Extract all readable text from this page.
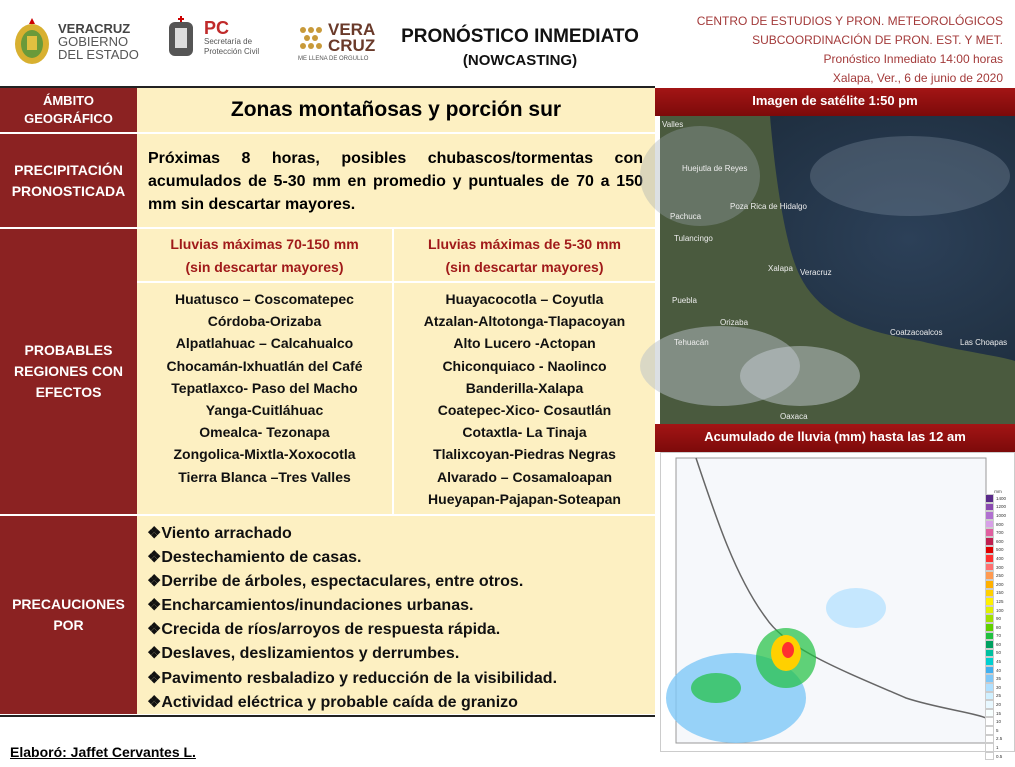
VERACRUZ
GOBIERNO
DEL ESTADO
PC
Secretaría de
Protección Civil
VERA
CRUZ
ME LLENA DE ORGULLO
PRONÓSTICO INMEDIATO
(NOWCASTING)
CENTRO DE ESTUDIOS Y PRON. METEOROLÓGICOS
SUBCOORDINACIÓN DE PRON. EST. Y MET.
Pronóstico Inmediato 14:00 horas
Xalapa, Ver., 6 de junio de 2020
ÁMBITO GEOGRÁFICO	Zonas montañosas y porción sur
PRECIPITACIÓN PRONOSTICADA
Próximas 8 horas, posibles chubascos/tormentas con acumulados de 5-30 mm en promedio y puntuales de 70 a 150 mm sin descartar mayores.
PROBABLES REGIONES CON EFECTOS
Lluvias máximas 70-150 mm
(sin descartar mayores)
Lluvias máximas de 5-30 mm
(sin descartar mayores)
Huatusco – Coscomatepec
Córdoba-Orizaba
Alpatlahuac – Calcahualco
Chocamán-Ixhuatlán del Café
Tepatlaxco- Paso del Macho
Yanga-Cuitláhuac
Omealca- Tezonapa
Zongolica-Mixtla-Xoxocotla
Tierra Blanca –Tres Valles
Huayacocotla – Coyutla
Atzalan-Altotonga-Tlapacoyan
Alto Lucero -Actopan
Chiconquiaco - Naolinco
Banderilla-Xalapa
Coatepec-Xico- Cosautlán
Cotaxtla- La Tinaja
Tlalixcoyan-Piedras Negras
Alvarado – Cosamaloapan
Hueyapan-Pajapan-Soteapan
PRECAUCIONES POR
❖Viento arrachado
❖Destechamiento de casas.
❖Derribe de árboles, espectaculares, entre otros.
❖Encharcamientos/inundaciones urbanas.
❖Crecida de ríos/arroyos de respuesta rápida.
❖Deslaves, deslizamientos y derrumbes.
❖Pavimento resbaladizo y reducción de la visibilidad.
❖Actividad eléctrica y probable caída de granizo
Imagen de satélite 1:50 pm
Valles
Huejutla de Reyes
Pachuca
Poza Rica de Hidalgo
Tulancingo
Xalapa Veracruz
Puebla
Orizaba
Tehuacán
Coatzacoalcos
Las Choapas
Oaxaca
Acumulado de lluvia (mm) hasta las 12 am
mm
1400
1200
1000
800
700
600
500
400
300
250
200
150
125
100
90
80
70
60
50
45
40
35
30
25
20
15
10
5
2.5
1
0.5
Elaboró: Jaffet Cervantes L.
